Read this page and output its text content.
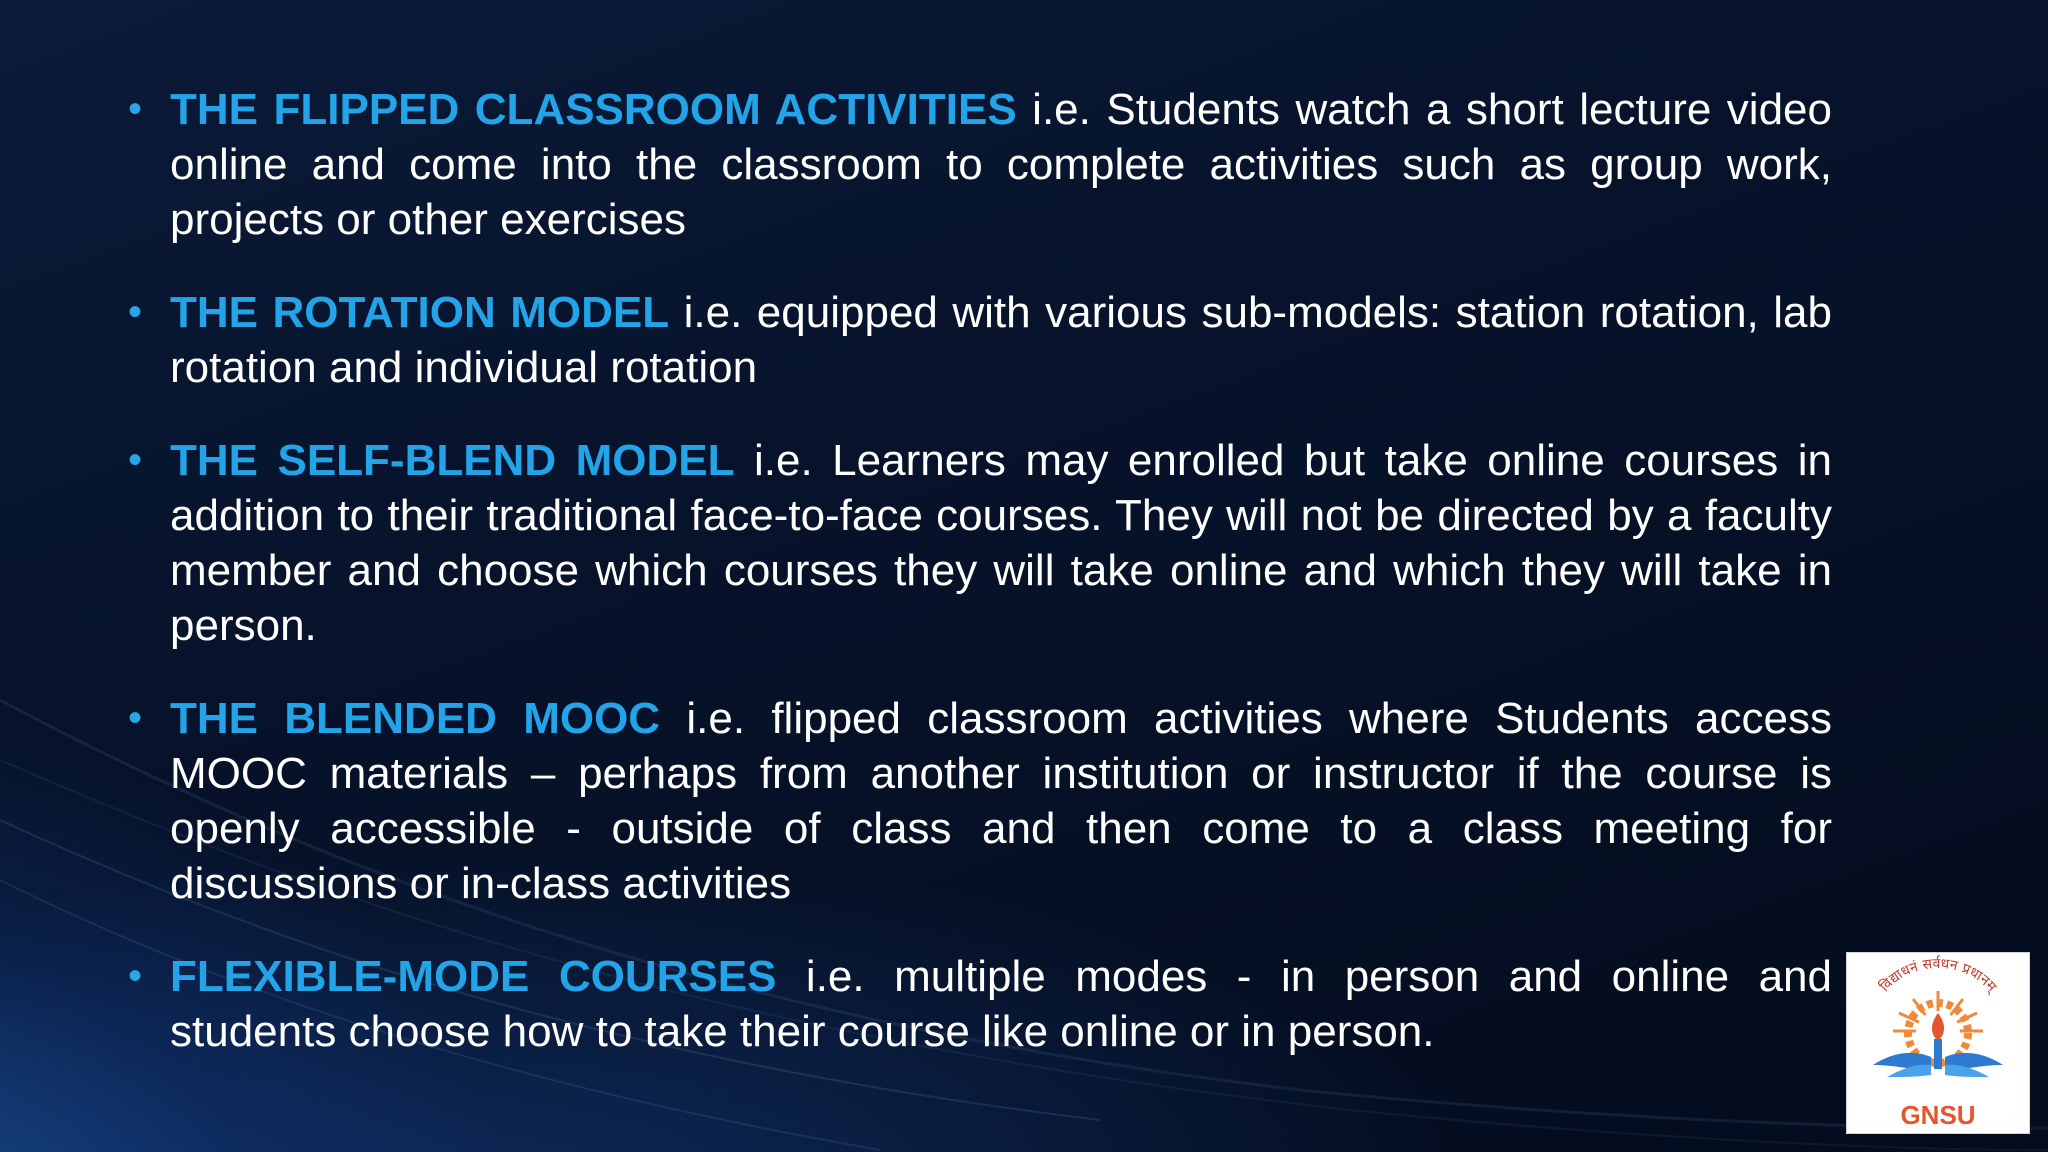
• THE FLIPPED CLASSROOM ACTIVITIES i.e. Students watch a short lecture video online and come into the classroom to complete activities such as group work, projects or other exercises
• THE ROTATION MODEL i.e. equipped with various sub-models: station rotation, lab rotation and individual rotation
• THE SELF-BLEND MODEL i.e. Learners may enrolled but take online courses in addition to their traditional face-to-face courses. They will not be directed by a faculty member and choose which courses they will take online and which they will take in person.
• THE BLENDED MOOC i.e. flipped classroom activities where Students access MOOC materials – perhaps from another institution or instructor if the course is openly accessible - outside of class and then come to a class meeting for discussions or in-class activities
• FLEXIBLE-MODE COURSES i.e. multiple modes - in person and online and students choose how to take their course like online or in person.
विद्याधनं सर्वधन प्रधानम्
GNSU
